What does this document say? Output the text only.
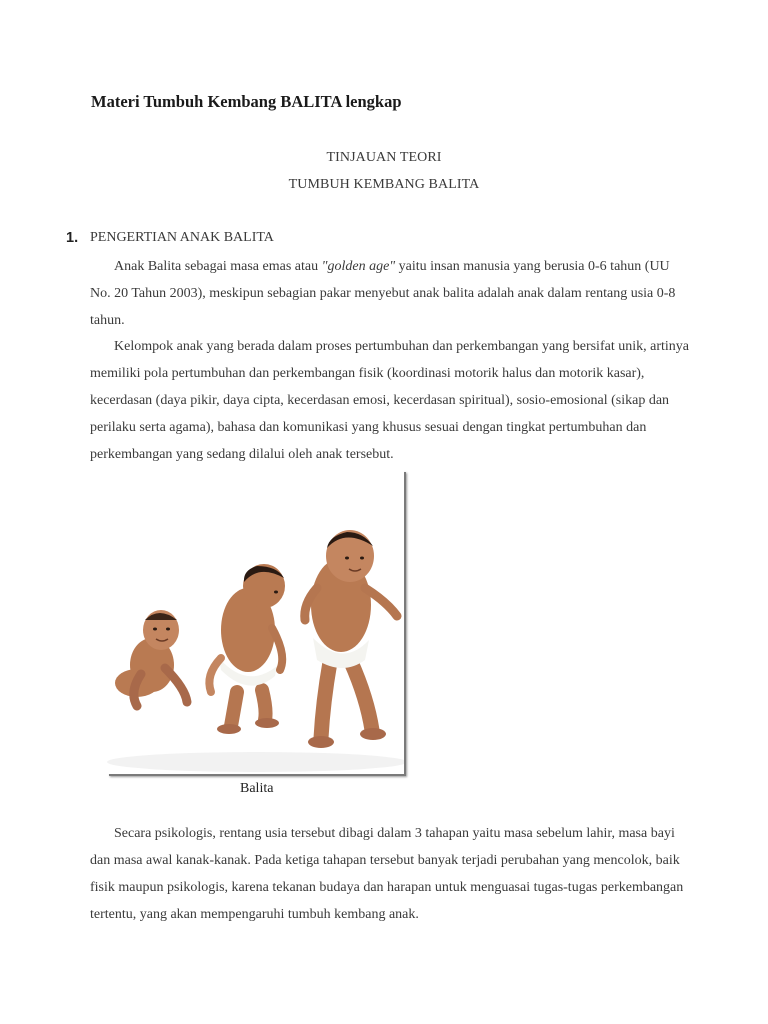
Materi Tumbuh Kembang BALITA lengkap
TINJAUAN TEORI
TUMBUH KEMBANG BALITA
1. PENGERTIAN ANAK BALITA
Anak Balita sebagai masa emas atau "golden age" yaitu insan manusia yang berusia 0-6 tahun (UU No. 20 Tahun 2003), meskipun sebagian pakar menyebut anak balita adalah anak dalam rentang usia 0-8 tahun.
Kelompok anak yang berada dalam proses pertumbuhan dan perkembangan yang bersifat unik, artinya memiliki pola pertumbuhan dan perkembangan fisik (koordinasi motorik halus dan motorik kasar), kecerdasan (daya pikir, daya cipta, kecerdasan emosi, kecerdasan spiritual), sosio-emosional (sikap dan perilaku serta agama), bahasa dan komunikasi yang khusus sesuai dengan tingkat pertumbuhan dan perkembangan yang sedang dilalui oleh anak tersebut.
Balita
Secara psikologis, rentang usia tersebut dibagi dalam 3 tahapan yaitu masa sebelum lahir, masa bayi dan masa awal kanak-kanak. Pada ketiga tahapan tersebut banyak terjadi perubahan yang mencolok, baik fisik maupun psikologis, karena tekanan budaya dan harapan untuk menguasai tugas-tugas perkembangan tertentu, yang akan mempengaruhi tumbuh kembang anak.
